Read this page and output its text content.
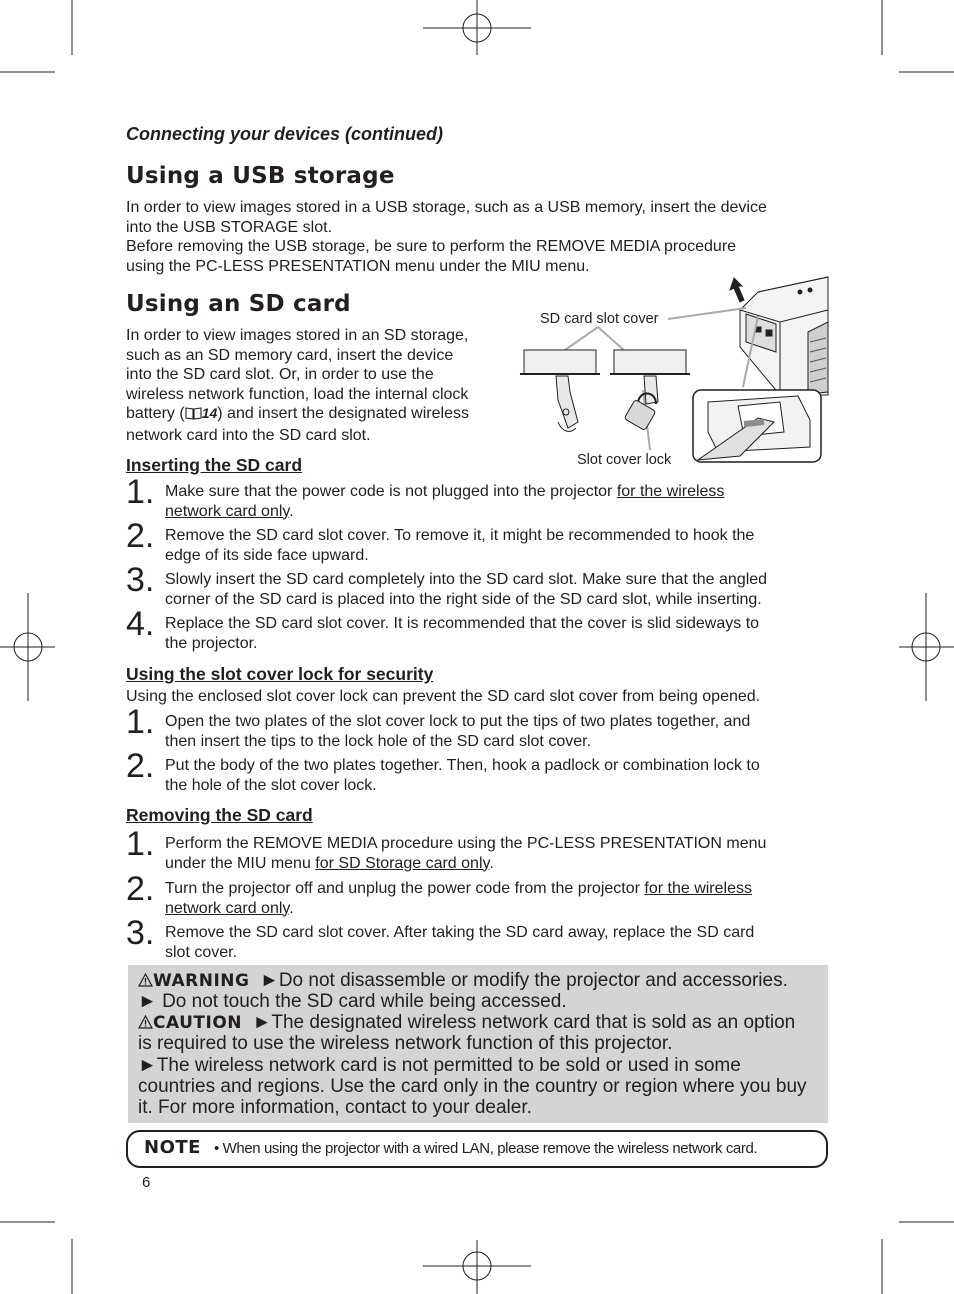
Connecting your devices (continued)
Using a USB storage
In order to view images stored in a USB storage, such as a USB memory, insert the device
into the USB STORAGE slot.
Before removing the USB storage, be sure to perform the REMOVE MEDIA procedure
using the PC-LESS PRESENTATION menu under the MIU menu.
Using an SD card
In order to view images stored in an SD storage,
such as an SD memory card, insert the device
into the SD card slot. Or, in order to use the
wireless network function, load the internal clock
battery ( 14) and insert the designated wireless
network card into the SD card slot.
SD card slot cover
Slot cover lock
Inserting the SD card
1. Make sure that the power code is not plugged into the projector for the wireless
network card only.
2. Remove the SD card slot cover. To remove it, it might be recommended to hook the
edge of its side face upward.
3. Slowly insert the SD card completely into the SD card slot. Make sure that the angled
corner of the SD card is placed into the right side of the SD card slot, while inserting.
4. Replace the SD card slot cover. It is recommended that the cover is slid sideways to
the projector.
Using the slot cover lock for security
Using the enclosed slot cover lock can prevent the SD card slot cover from being opened.
1. Open the two plates of the slot cover lock to put the tips of two plates together, and
then insert the tips to the lock hole of the SD card slot cover.
2. Put the body of the two plates together. Then, hook a padlock or combination lock to
the hole of the slot cover lock.
Removing the SD card
1. Perform the REMOVE MEDIA procedure using the PC-LESS PRESENTATION menu
under the MIU menu for SD Storage card only.
2. Turn the projector off and unplug the power code from the projector for the wireless
network card only.
3. Remove the SD card slot cover. After taking the SD card away, replace the SD card
slot cover.
WARNING  ►Do not disassemble or modify the projector and accessories.
► Do not touch the SD card while being accessed.
CAUTION  ►The designated wireless network card that is sold as an option
is required to use the wireless network function of this projector.
►The wireless network card is not permitted to be sold or used in some
countries and regions. Use the card only in the country or region where you buy
it. For more information, contact to your dealer.
NOTE • When using the projector with a wired LAN, please remove the wireless network card.
6
